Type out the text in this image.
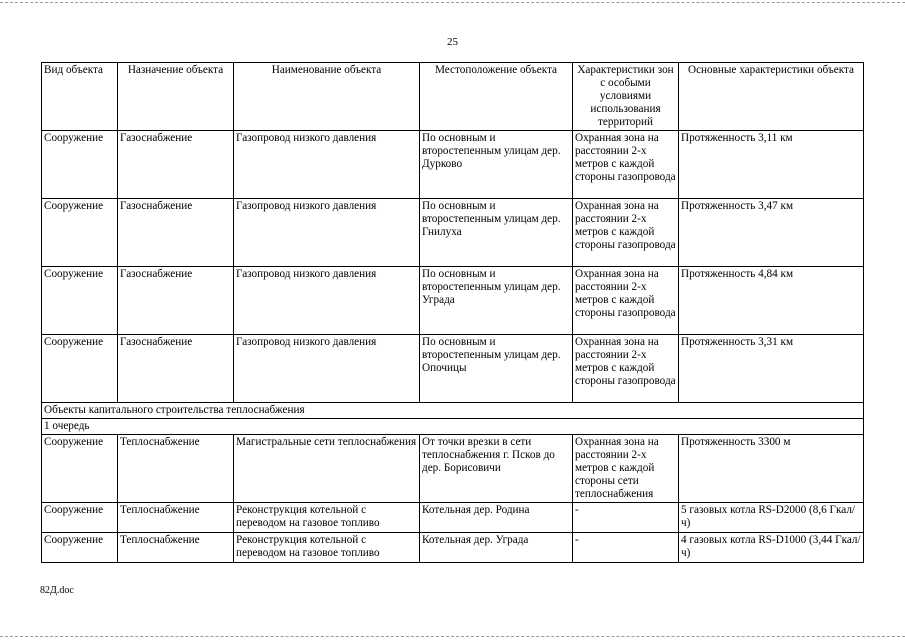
25
Вид объекта	Назначение объекта	Наименование объекта	Местоположение объекта	Характеристики зон с особыми условиями использования территорий	Основные характеристики объекта
Сооружение	Газоснабжение	Газопровод низкого давления	По основным и второстепенным улицам дер. Дурково	Охранная зона на расстоянии 2-х метров с каждой стороны газопровода	Протяженность 3,11 км
Сооружение	Газоснабжение	Газопровод низкого давления	По основным и второстепенным улицам дер. Гнилуха	Охранная зона на расстоянии 2-х метров с каждой стороны газопровода	Протяженность 3,47 км
Сооружение	Газоснабжение	Газопровод низкого давления	По основным и второстепенным улицам дер. Уграда	Охранная зона на расстоянии 2-х метров с каждой стороны газопровода	Протяженность 4,84 км
Сооружение	Газоснабжение	Газопровод низкого давления	По основным и второстепенным улицам дер. Опочицы	Охранная зона на расстоянии 2-х метров с каждой стороны газопровода	Протяженность 3,31 км
Объекты капитального строительства теплоснабжения					
1 очередь					
Сооружение	Теплоснабжение	Магистральные сети теплоснабжения	От точки врезки в сети теплоснабжения г. Псков до дер. Борисовичи	Охранная зона на расстоянии 2-х метров с каждой стороны сети теплоснабжения	Протяженность 3300 м
Сооружение	Теплоснабжение	Реконструкция котельной с переводом на газовое топливо	Котельная дер. Родина	-	5 газовых котла RS-D2000 (8,6 Гкал/ч)
Сооружение	Теплоснабжение	Реконструкция котельной с переводом на газовое топливо	Котельная дер. Уграда	-	4 газовых котла RS-D1000 (3,44 Гкал/ч)
82Д.doc
